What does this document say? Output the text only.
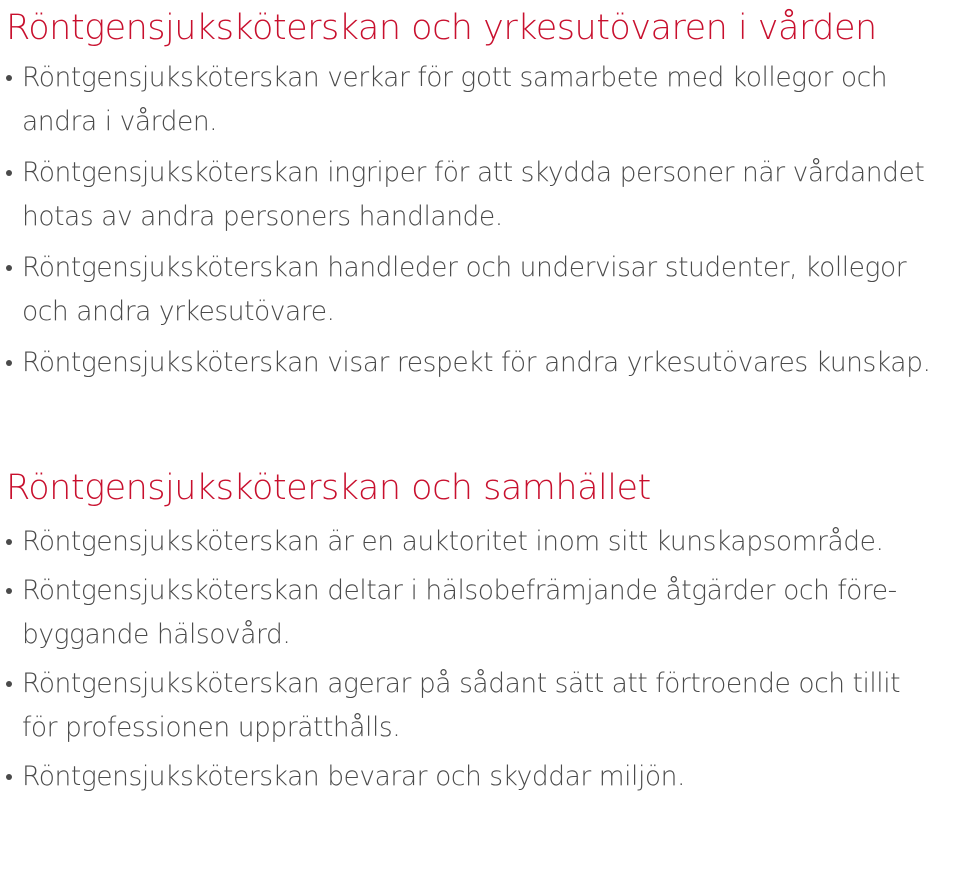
Röntgensjuksköterskan och yrkesutövaren i vården
Röntgensjuksköterskan verkar för gott samarbete med kollegor och andra i vården.
Röntgensjuksköterskan ingriper för att skydda personer när vårdandet hotas av andra personers handlande.
Röntgensjuksköterskan handleder och undervisar studenter, kollegor och andra yrkesutövare.
Röntgensjuksköterskan visar respekt för andra yrkesutövares kunskap.
Röntgensjuksköterskan och samhället
Röntgensjuksköterskan är en auktoritet inom sitt kunskapsområde.
Röntgensjuksköterskan deltar i hälsobefrämjande åtgärder och förebyggande hälsovård.
Röntgensjuksköterskan agerar på sådant sätt att förtroende och tillit för professionen upprätthålls.
Röntgensjuksköterskan bevarar och skyddar miljön.
